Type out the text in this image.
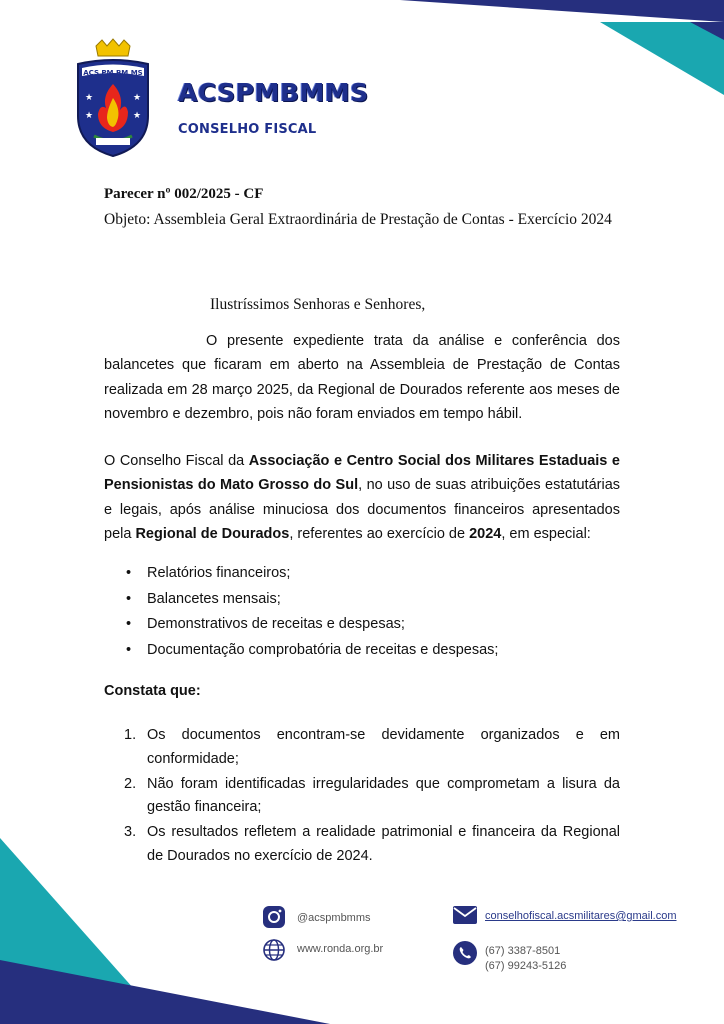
ACS PM BM MS
★	★
★	★
ACSPMBMMS
CONSELHO FISCAL
Parecer nº 002/2025 - CF
Objeto: Assembleia Geral Extraordinária de Prestação de Contas - Exercício 2024
Ilustríssimos Senhoras e Senhores,

O presente expediente trata da análise e conferência dos balancetes que ficaram em aberto na Assembleia de Prestação de Contas realizada em 28 março 2025, da Regional de Dourados referente aos meses de novembro e dezembro, pois não foram enviados em tempo hábil.

O Conselho Fiscal da Associação e Centro Social dos Militares Estaduais e Pensionistas do Mato Grosso do Sul, no uso de suas atribuições estatutárias e legais, após análise minuciosa dos documentos financeiros apresentados pela Regional de Dourados, referentes ao exercício de 2024, em especial:

• Relatórios financeiros;
• Balancetes mensais;
• Demonstrativos de receitas e despesas;
• Documentação comprobatória de receitas e despesas;
Constata que:
1. Os documentos encontram-se devidamente organizados e em conformidade;
2. Não foram identificadas irregularidades que comprometam a lisura da gestão financeira;
3. Os resultados refletem a realidade patrimonial e financeira da Regional de Dourados no exercício de 2024.
@acspmbmms
www.ronda.org.br
conselhofiscal.acsmilitares@gmail.com
(67) 3387-8501
(67) 99243-5126
